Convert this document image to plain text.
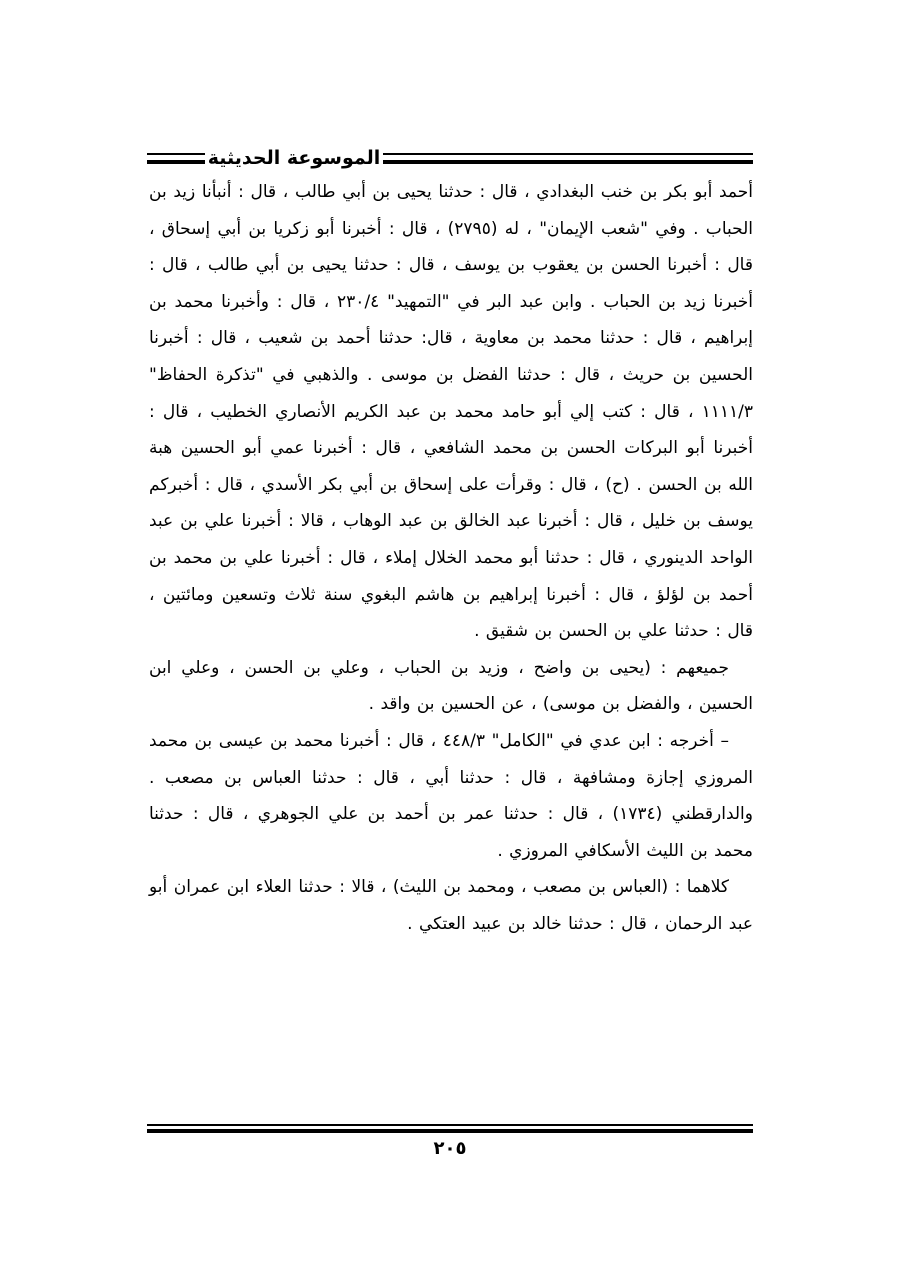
الموسوعة الحديثية

أحمد أبو بكر بن خنب البغدادي ، قال : حدثنا يحيى بن أبي طالب ، قال : أنبأنا زيد بن الحباب . وفي "شعب الإيمان" ، له (٢٧٩٥) ، قال : أخبرنا أبو زكريا بن أبي إسحاق ، قال : أخبرنا الحسن بن يعقوب بن يوسف ، قال : حدثنا يحيى بن أبي طالب ، قال : أخبرنا زيد بن الحباب . وابن عبد البر في "التمهيد" ٢٣٠/٤ ، قال : وأخبرنا محمد بن إبراهيم ، قال : حدثنا محمد بن معاوية ، قال: حدثنا أحمد بن شعيب ، قال : أخبرنا الحسين بن حريث ، قال : حدثنا الفضل بن موسى . والذهبي في "تذكرة الحفاظ" ١١١١/٣ ، قال : كتب إلي أبو حامد محمد بن عبد الكريم الأنصاري الخطيب ، قال : أخبرنا أبو البركات الحسن بن محمد الشافعي ، قال : أخبرنا عمي أبو الحسين هبة الله بن الحسن . (ح) ، قال : وقرأت على إسحاق بن أبي بكر الأسدي ، قال : أخبركم يوسف بن خليل ، قال : أخبرنا عبد الخالق بن عبد الوهاب ، قالا : أخبرنا علي بن عبد الواحد الدينوري ، قال : حدثنا أبو محمد الخلال إملاء ، قال : أخبرنا علي بن محمد بن أحمد بن لؤلؤ ، قال : أخبرنا إبراهيم بن هاشم البغوي سنة ثلاث وتسعين ومائتين ، قال : حدثنا علي بن الحسن بن شقيق .

جميعهم : (يحيى بن واضح ، وزيد بن الحباب ، وعلي بن الحسن ، وعلي ابن الحسين ، والفضل بن موسى) ، عن الحسين بن واقد .

– أخرجه : ابن عدي في "الكامل" ٤٤٨/٣ ، قال : أخبرنا محمد بن عيسى بن محمد المروزي إجازة ومشافهة ، قال : حدثنا أبي ، قال : حدثنا العباس بن مصعب . والدارقطني (١٧٣٤) ، قال : حدثنا عمر بن أحمد بن علي الجوهري ، قال : حدثنا محمد بن الليث الأسكافي المروزي .

كلاهما : (العباس بن مصعب ، ومحمد بن الليث) ، قالا : حدثنا العلاء ابن عمران أبو عبد الرحمان ، قال : حدثنا خالد بن عبيد العتكي .

٢٠٥
